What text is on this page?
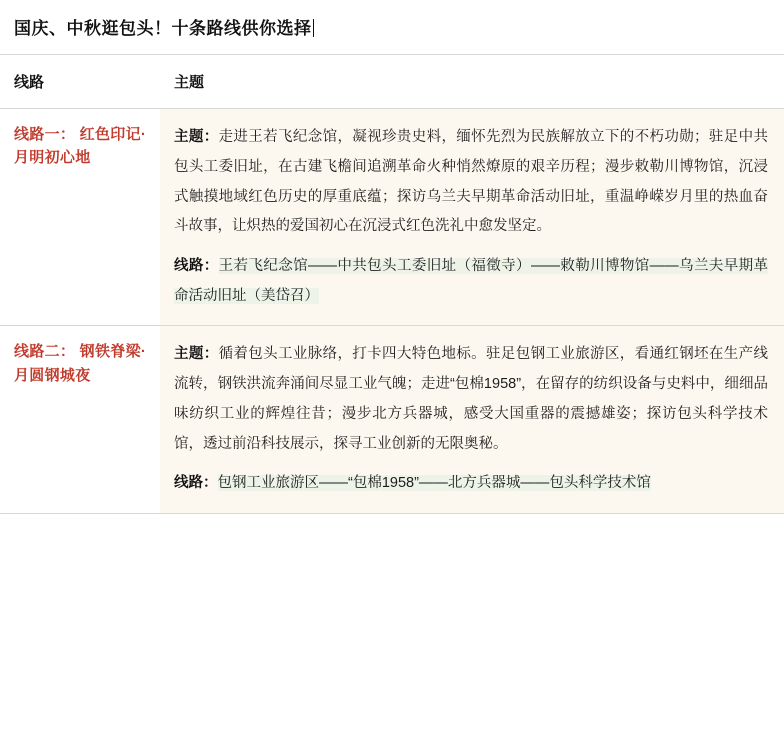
国庆、中秋逛包头！十条路线供你选择
线路	主题
线路一： 红色印记·月明初心地	主题：走进王若飞纪念馆，凝视珍贵史料，缅怀先烈为民族解放立下的不朽功勋；驻足中共包头工委旧址，在古建飞檐间追溯革命火种悄然燎原的艰辛历程；漫步敕勒川博物馆，沉浸式触摸地域红色历史的厚重底蕴；探访乌兰夫早期革命活动旧址，重温峥嵘岁月里的热血奋斗故事，让炽热的爱国初心在沉浸式红色洗礼中愈发坚定。

线路：王若飞纪念馆——中共包头工委旧址（福徵寺）——敕勒川博物馆——乌兰夫早期革命活动旧址（美岱召）

线路二： 钢铁脊梁·月圆钢城夜	主题：循着包头工业脉络，打卡四大特色地标。驻足包钢工业旅游区，看通红钢坯在生产线流转，钢铁洪流奔涌间尽显工业气魄；走进“包棉1958”，在留存的纺织设备与史料中，细细品味纺织工业的辉煌往昔；漫步北方兵器城，感受大国重器的震撼雄姿；探访包头科学技术馆，透过前沿科技展示，探寻工业创新的无限奥秘。

线路：包钢工业旅游区——“包棉1958”——北方兵器城——包头科学技术馆
